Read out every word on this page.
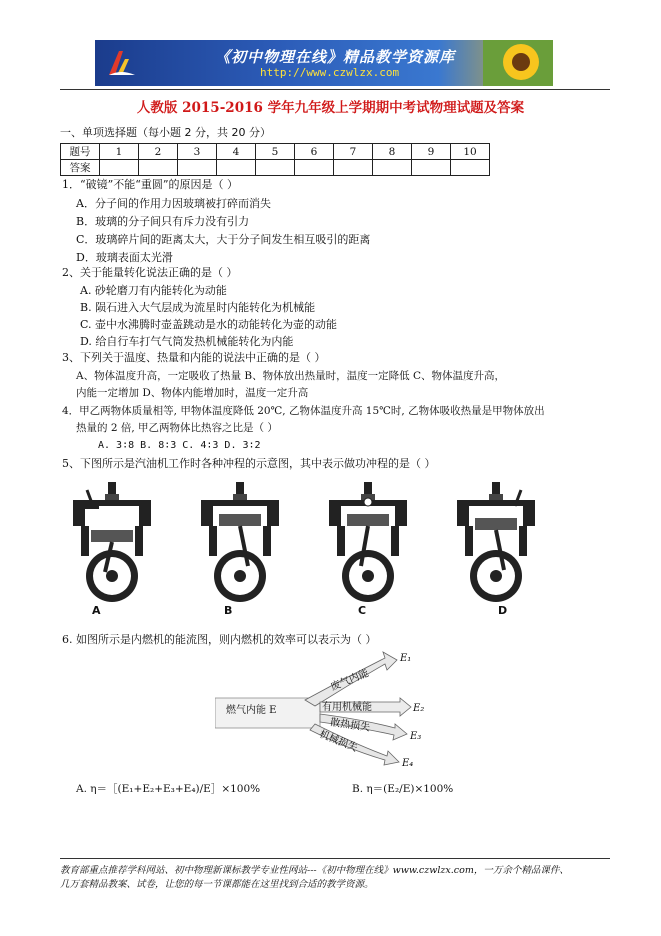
《初中物理在线》精品教学资源库
http://www.czwlzx.com
人教版 2015-2016 学年九年级上学期期中考试物理试题及答案
一、单项选择题（每小题 2 分，共 20 分）
题号	1	2	3	4	5	6	7	8	9	10
答案										
1．“破镜”不能“重圆”的原因是（ ）
A．分子间的作用力因玻璃被打碎而消失
B．玻璃的分子间只有斥力没有引力
C．玻璃碎片间的距离太大，大于分子间发生相互吸引的距离
D．玻璃表面太光滑
2、关于能量转化说法正确的是（ ）
A. 砂轮磨刀有内能转化为动能
B. 陨石进入大气层成为流星时内能转化为机械能
C. 壶中水沸腾时壶盖跳动是水的动能转化为壶的动能
D. 给自行车打气气筒发热机械能转化为内能
3、下列关于温度、热量和内能的说法中正确的是（ ）
A、物体温度升高，一定吸收了热量 B、物体放出热量时，温度一定降低 C、物体温度升高，
内能一定增加 D、物体内能增加时，温度一定升高
4．甲乙两物体质量相等, 甲物体温度降低 20℃, 乙物体温度升高 15℃时, 乙物体吸收热量是甲物体放出
热量的 2 倍, 甲乙两物体比热容之比是（ ）
A. 3∶8 B. 8∶3 C. 4∶3 D. 3∶2
5、下图所示是汽油机工作时各种冲程的示意图，其中表示做功冲程的是（ ）
A	B	C	D
6. 如图所示是内燃机的能流图，则内燃机的效率可以表示为（ ）
燃气内能 E
废气内能
有用机械能
散热损失
机械损失
E₁
E₂
E₃
E₄
A. η＝［(E₁+E₂+E₃+E₄)/E］×100%	B. η＝(E₂/E)×100%
教育部重点推荐学科网站、初中物理新课标教学专业性网站---《初中物理在线》www.czwlzx.com，一万余个精品课件、
几万套精品教案、试卷，让您的每一节课都能在这里找到合适的教学资源。
